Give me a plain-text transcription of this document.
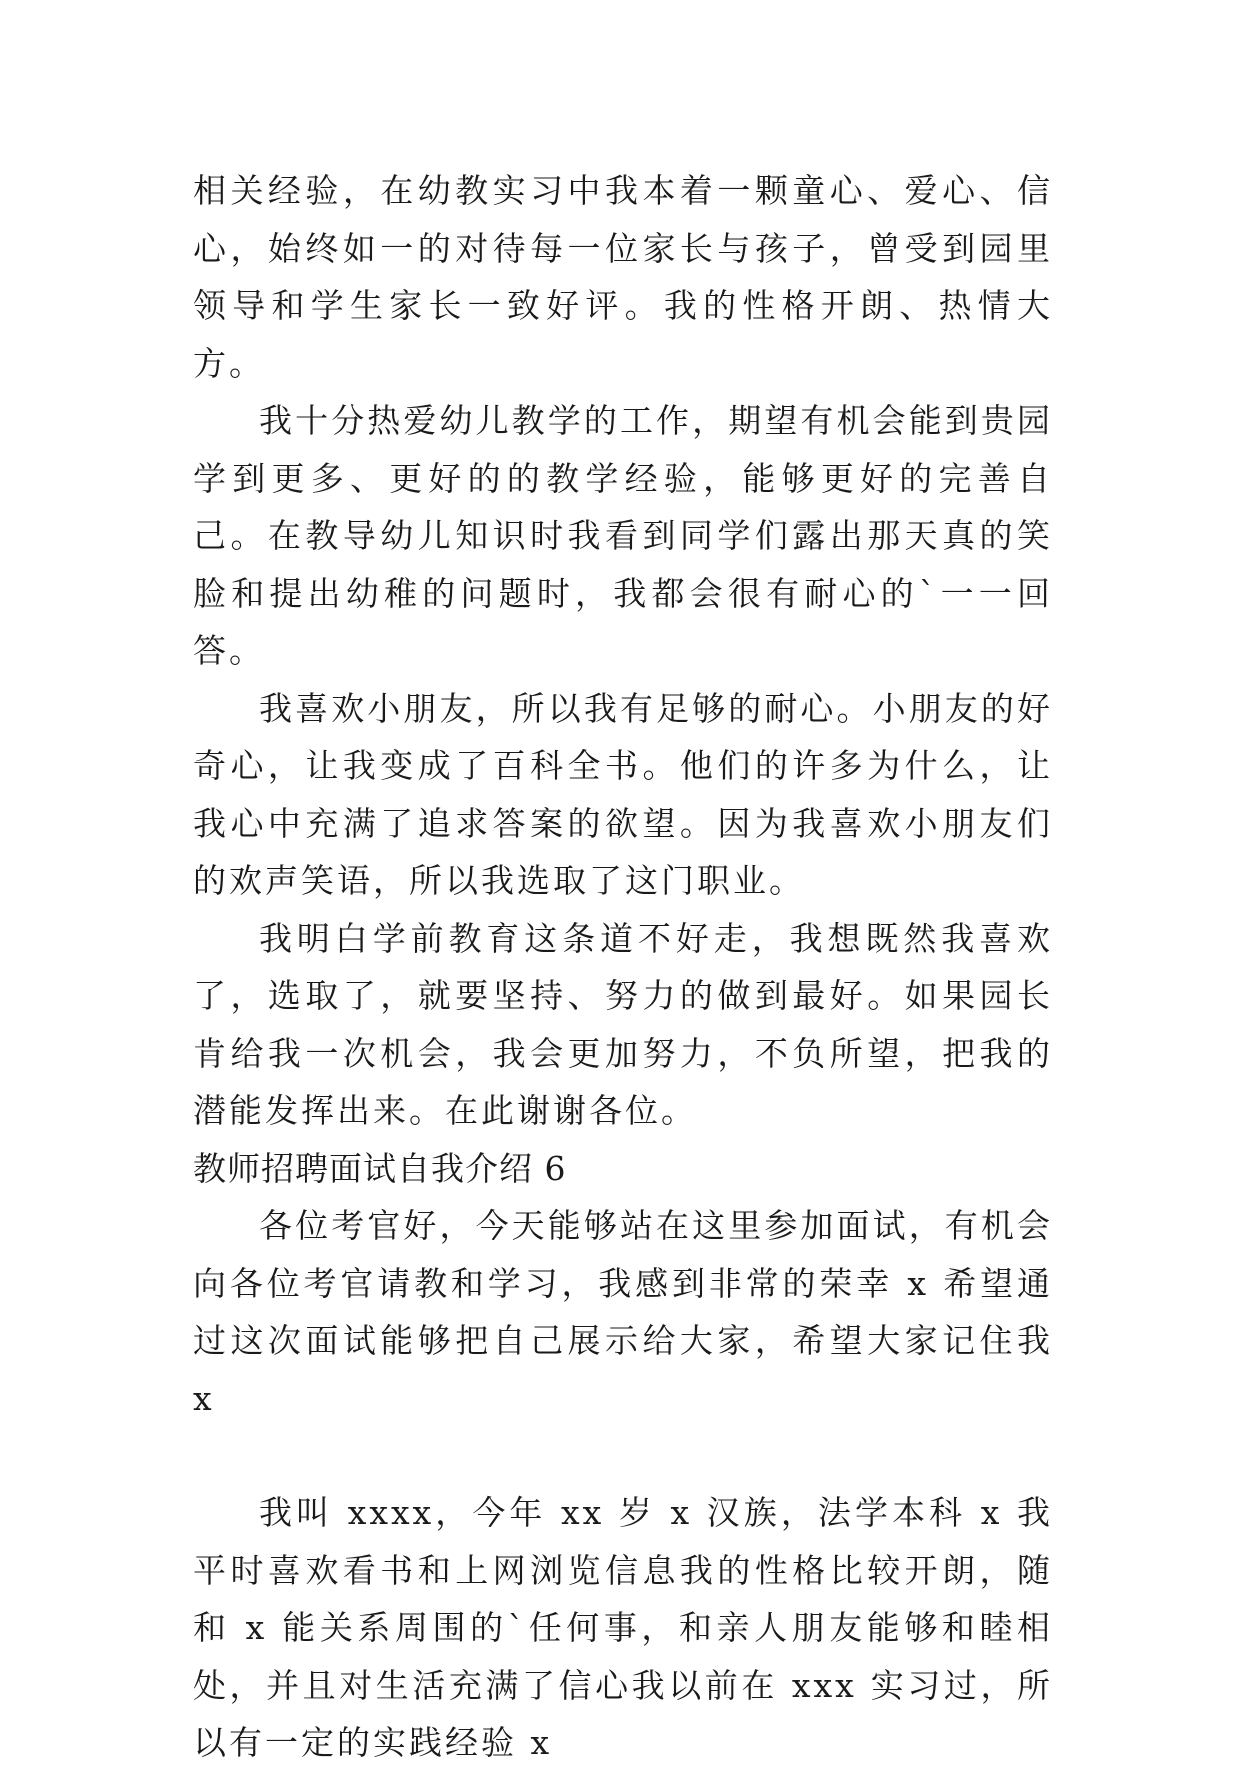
相关经验，在幼教实习中我本着一颗童心、爱心、信心，始终如一的对待每一位家长与孩子，曾受到园里领导和学生家长一致好评。我的性格开朗、热情大方。

我十分热爱幼儿教学的工作，期望有机会能到贵园学到更多、更好的的教学经验，能够更好的完善自己。在教导幼儿知识时我看到同学们露出那天真的笑脸和提出幼稚的问题时，我都会很有耐心的`一一回答。

我喜欢小朋友，所以我有足够的耐心。小朋友的好奇心，让我变成了百科全书。他们的许多为什么，让我心中充满了追求答案的欲望。因为我喜欢小朋友们的欢声笑语，所以我选取了这门职业。

我明白学前教育这条道不好走，我想既然我喜欢了，选取了，就要坚持、努力的做到最好。如果园长肯给我一次机会，我会更加努力，不负所望，把我的潜能发挥出来。在此谢谢各位。

教师招聘面试自我介绍 6

各位考官好，今天能够站在这里参加面试，有机会向各位考官请教和学习，我感到非常的荣幸 x 希望通过这次面试能够把自己展示给大家，希望大家记住我 x

我叫 xxxx，今年 xx 岁 x 汉族，法学本科 x 我平时喜欢看书和上网浏览信息我的性格比较开朗，随和 x 能关系周围的`任何事，和亲人朋友能够和睦相处，并且对生活充满了信心我以前在 xxx 实习过，所以有一定的实践经验 x
